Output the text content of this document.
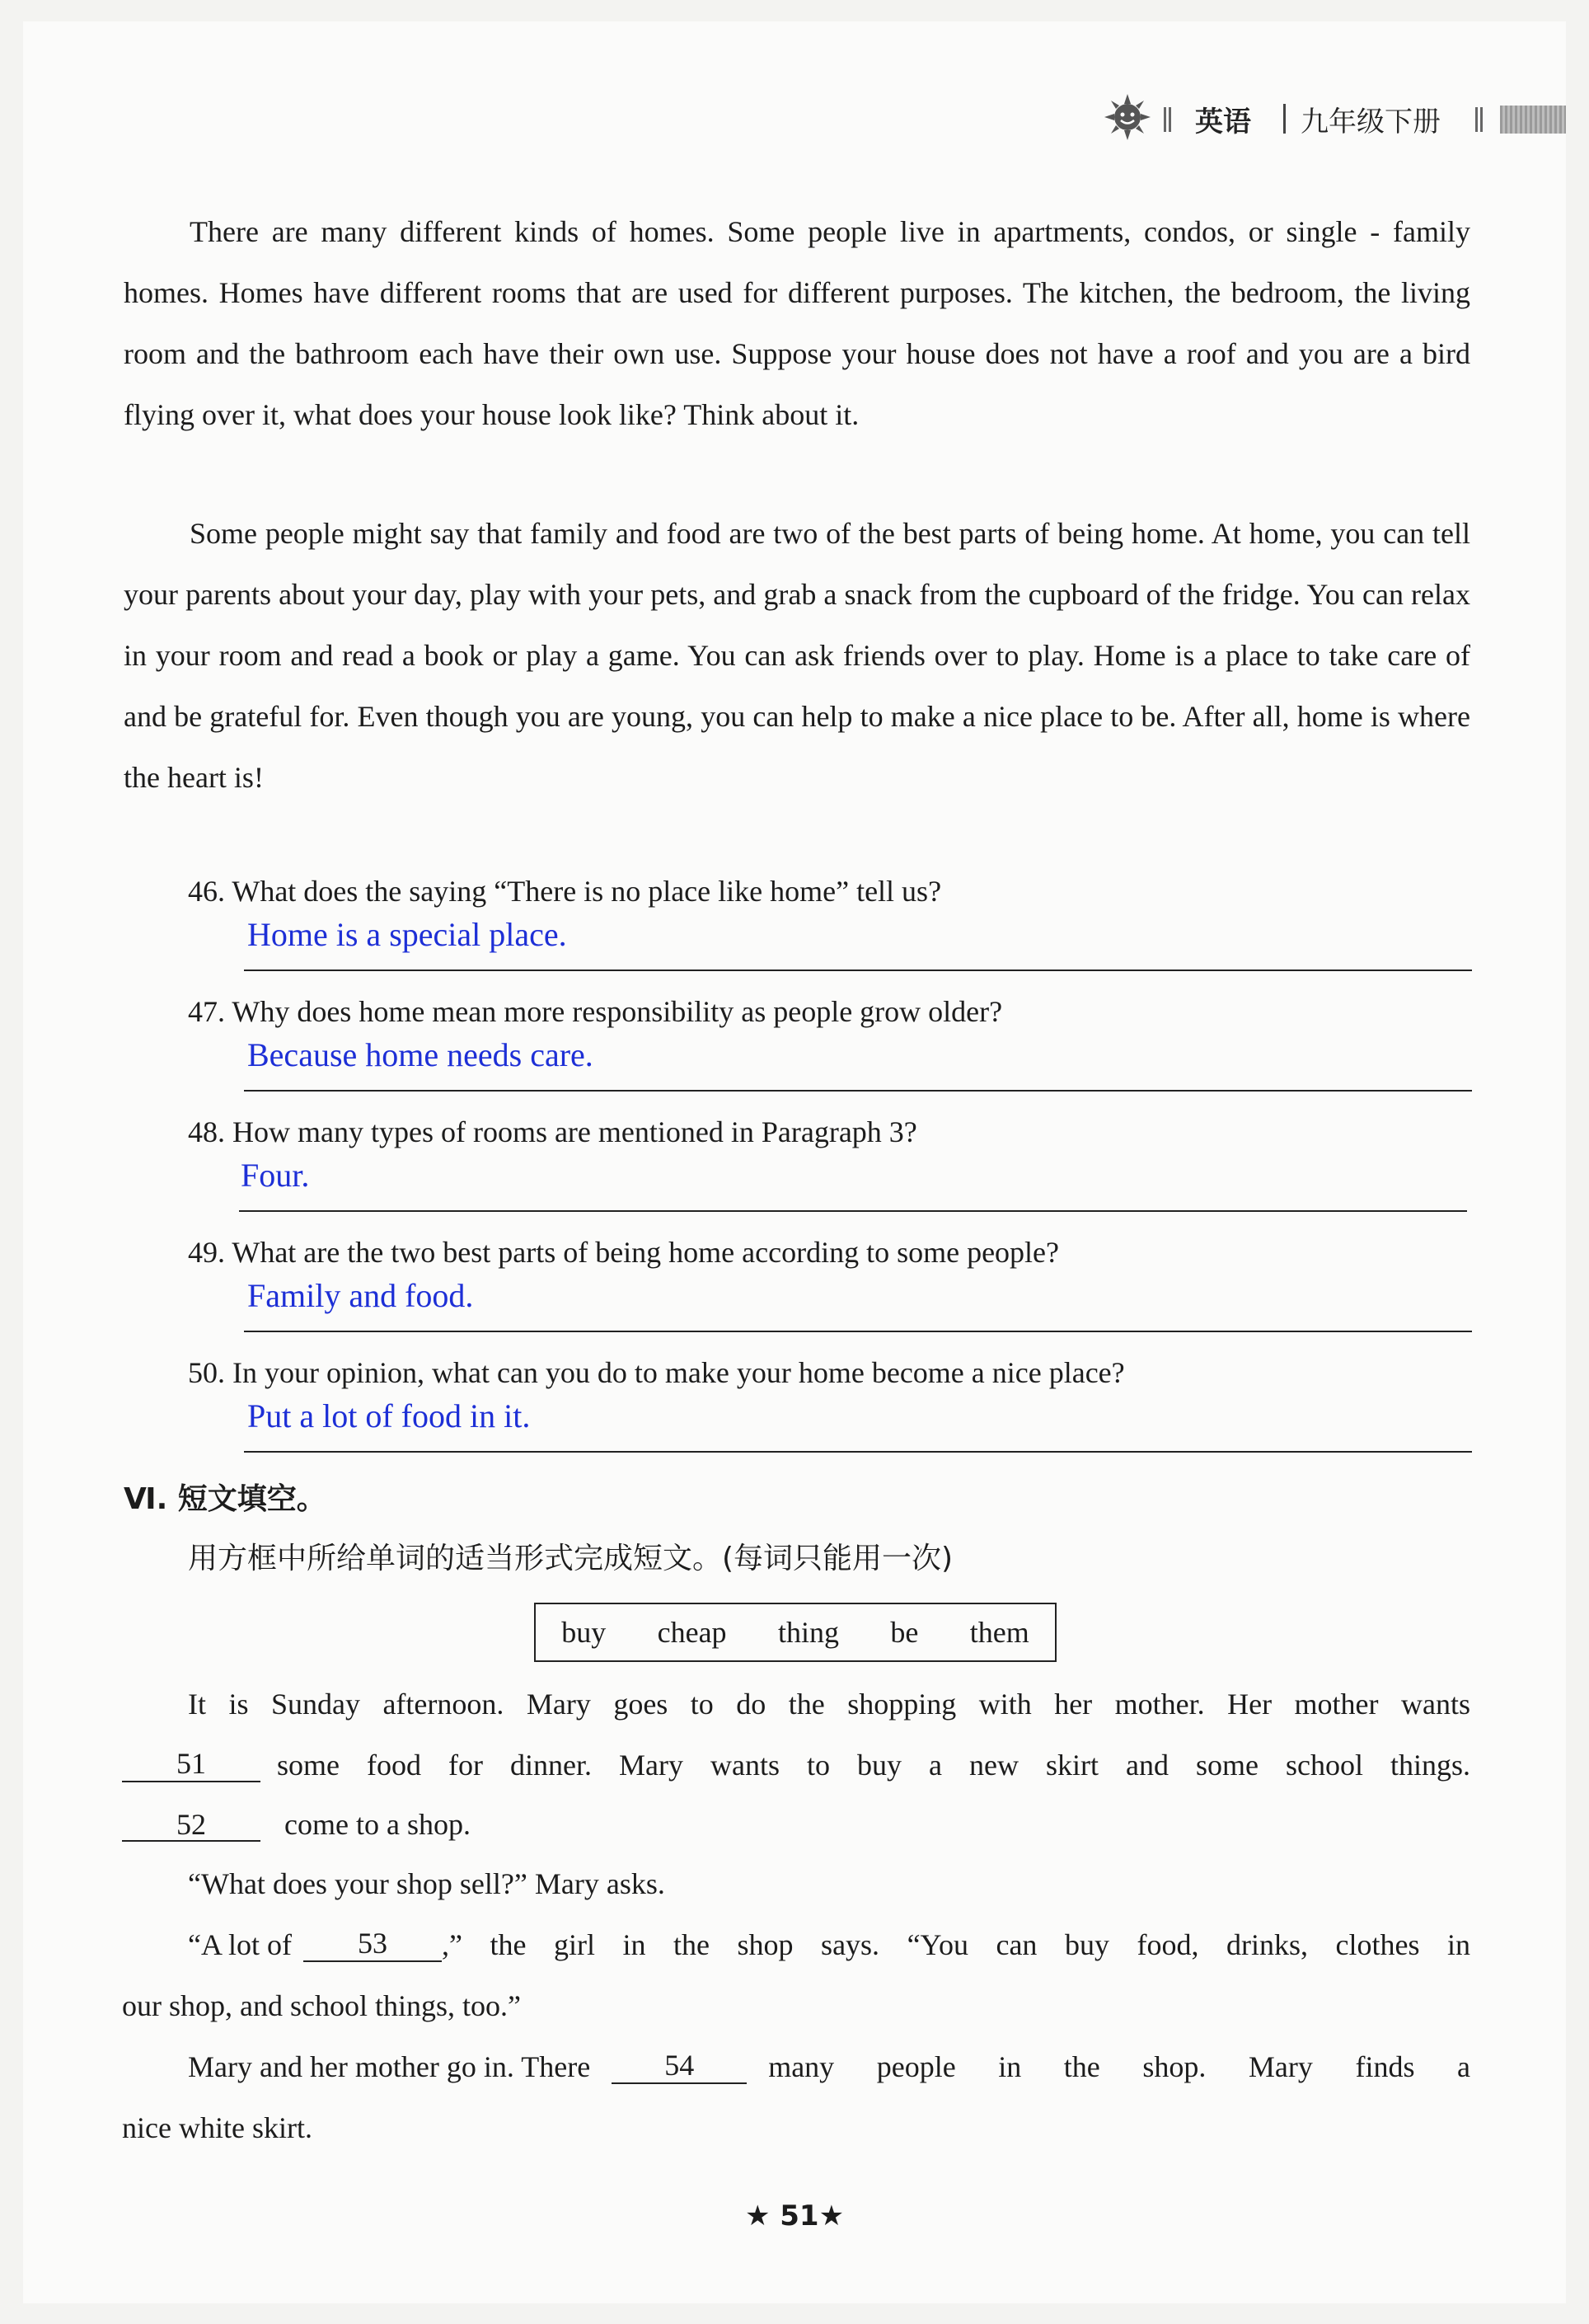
英语 九年级下册

There are many different kinds of homes. Some people live in apartments, condos, or single - family homes. Homes have different rooms that are used for different purposes. The kitchen, the bedroom, the living room and the bathroom each have their own use. Suppose your house does not have a roof and you are a bird flying over it, what does your house look like? Think about it.

Some people might say that family and food are two of the best parts of being home. At home, you can tell your parents about your day, play with your pets, and grab a snack from the cupboard of the fridge. You can relax in your room and read a book or play a game. You can ask friends over to play. Home is a place to take care of and be grateful for. Even though you are young, you can help to make a nice place to be. After all, home is where the heart is!

46. What does the saying “There is no place like home” tell us?
Home is a special place.
47. Why does home mean more responsibility as people grow older?
Because home needs care.
48. How many types of rooms are mentioned in Paragraph 3?
Four.
49. What are the two best parts of being home according to some people?
Family and food.
50. In your opinion, what can you do to make your home become a nice place?
Put a lot of food in it.
Ⅵ. 短文填空。
用方框中所给单词的适当形式完成短文。(每词只能用一次)
buy cheap thing be them
It is Sunday afternoon. Mary goes to do the shopping with her mother. Her mother wants
51	some food for dinner. Mary wants to buy a new skirt and some school things.
52	come to a shop.
“What does your shop sell?” Mary asks.
“A lot of	53	,” the girl in the shop says. “You can buy food, drinks, clothes in
our shop, and school things, too.”
Mary and her mother go in. There	54	many people in the shop. Mary finds a
nice white skirt.
★ 51★
